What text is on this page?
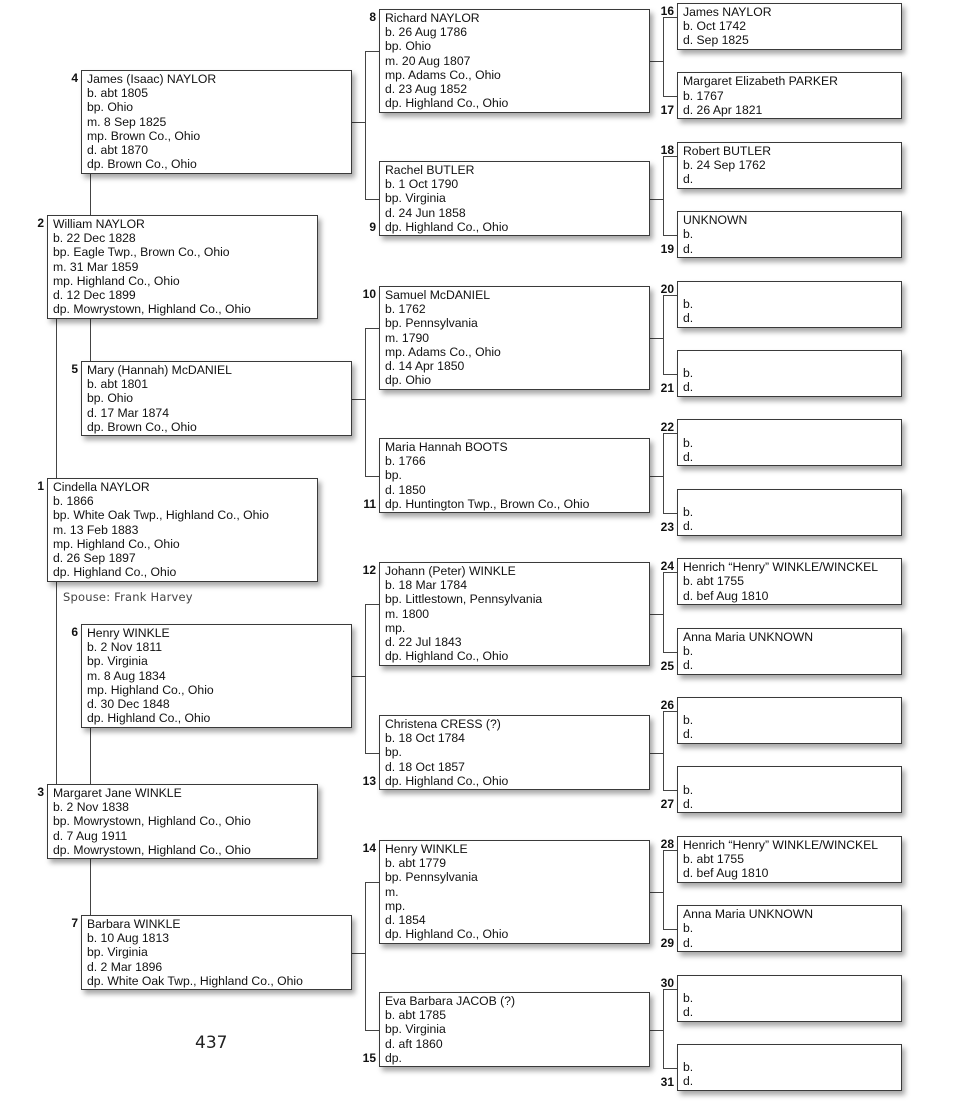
Cindella NAYLOR
b. 1866
bp. White Oak Twp., Highland Co., Ohio
m. 13 Feb 1883
mp. Highland Co., Ohio
d. 26 Sep 1897
dp. Highland Co., Ohio
1
William NAYLOR
b. 22 Dec 1828
bp. Eagle Twp., Brown Co., Ohio
m. 31 Mar 1859
mp. Highland Co., Ohio
d. 12 Dec 1899
dp. Mowrystown, Highland Co., Ohio
2
Margaret Jane WINKLE
b. 2 Nov 1838
bp. Mowrystown, Highland Co., Ohio
d. 7 Aug 1911
dp. Mowrystown, Highland Co., Ohio
3
James (Isaac) NAYLOR
b. abt 1805
bp. Ohio
m. 8 Sep 1825
mp. Brown Co., Ohio
d. abt 1870
dp. Brown Co., Ohio
4
Mary (Hannah) McDANIEL
b. abt 1801
bp. Ohio
d. 17 Mar 1874
dp. Brown Co., Ohio
5
Henry WINKLE
b. 2 Nov 1811
bp. Virginia
m. 8 Aug 1834
mp. Highland Co., Ohio
d. 30 Dec 1848
dp. Highland Co., Ohio
6
Barbara WINKLE
b. 10 Aug 1813
bp. Virginia
d. 2 Mar 1896
dp. White Oak Twp., Highland Co., Ohio
7
Richard NAYLOR
b. 26 Aug 1786
bp. Ohio
m. 20 Aug 1807
mp. Adams Co., Ohio
d. 23 Aug 1852
dp. Highland Co., Ohio
8
Rachel BUTLER
b. 1 Oct 1790
bp. Virginia
d. 24 Jun 1858
dp. Highland Co., Ohio
9
Samuel McDANIEL
b. 1762
bp. Pennsylvania
m. 1790
mp. Adams Co., Ohio
d. 14 Apr 1850
dp. Ohio
10
Maria Hannah BOOTS
b. 1766
bp.
d. 1850
dp. Huntington Twp., Brown Co., Ohio
11
Johann (Peter) WINKLE
b. 18 Mar 1784
bp. Littlestown, Pennsylvania
m. 1800
mp.
d. 22 Jul 1843
dp. Highland Co., Ohio
12
Christena CRESS (?)
b. 18 Oct 1784
bp.
d. 18 Oct 1857
dp. Highland Co., Ohio
13
Henry WINKLE
b. abt 1779
bp. Pennsylvania
m.
mp.
d. 1854
dp. Highland Co., Ohio
14
Eva Barbara JACOB (?)
b. abt 1785
bp. Virginia
d. aft 1860
dp.
15
James NAYLOR
b. Oct 1742
d. Sep 1825
16
Margaret Elizabeth PARKER
b. 1767
d. 26 Apr 1821
17
Robert BUTLER
b. 24 Sep 1762
d.
18
UNKNOWN
b.
d.
19

b.
d.
20

b.
d.
21

b.
d.
22

b.
d.
23
Henrich “Henry” WINKLE/WINCKEL
b. abt 1755
d. bef Aug 1810
24
Anna Maria UNKNOWN
b.
d.
25

b.
d.
26

b.
d.
27
Henrich “Henry” WINKLE/WINCKEL
b. abt 1755
d. bef Aug 1810
28
Anna Maria UNKNOWN
b.
d.
29

b.
d.
30

b.
d.
31
Spouse: Frank Harvey
437
